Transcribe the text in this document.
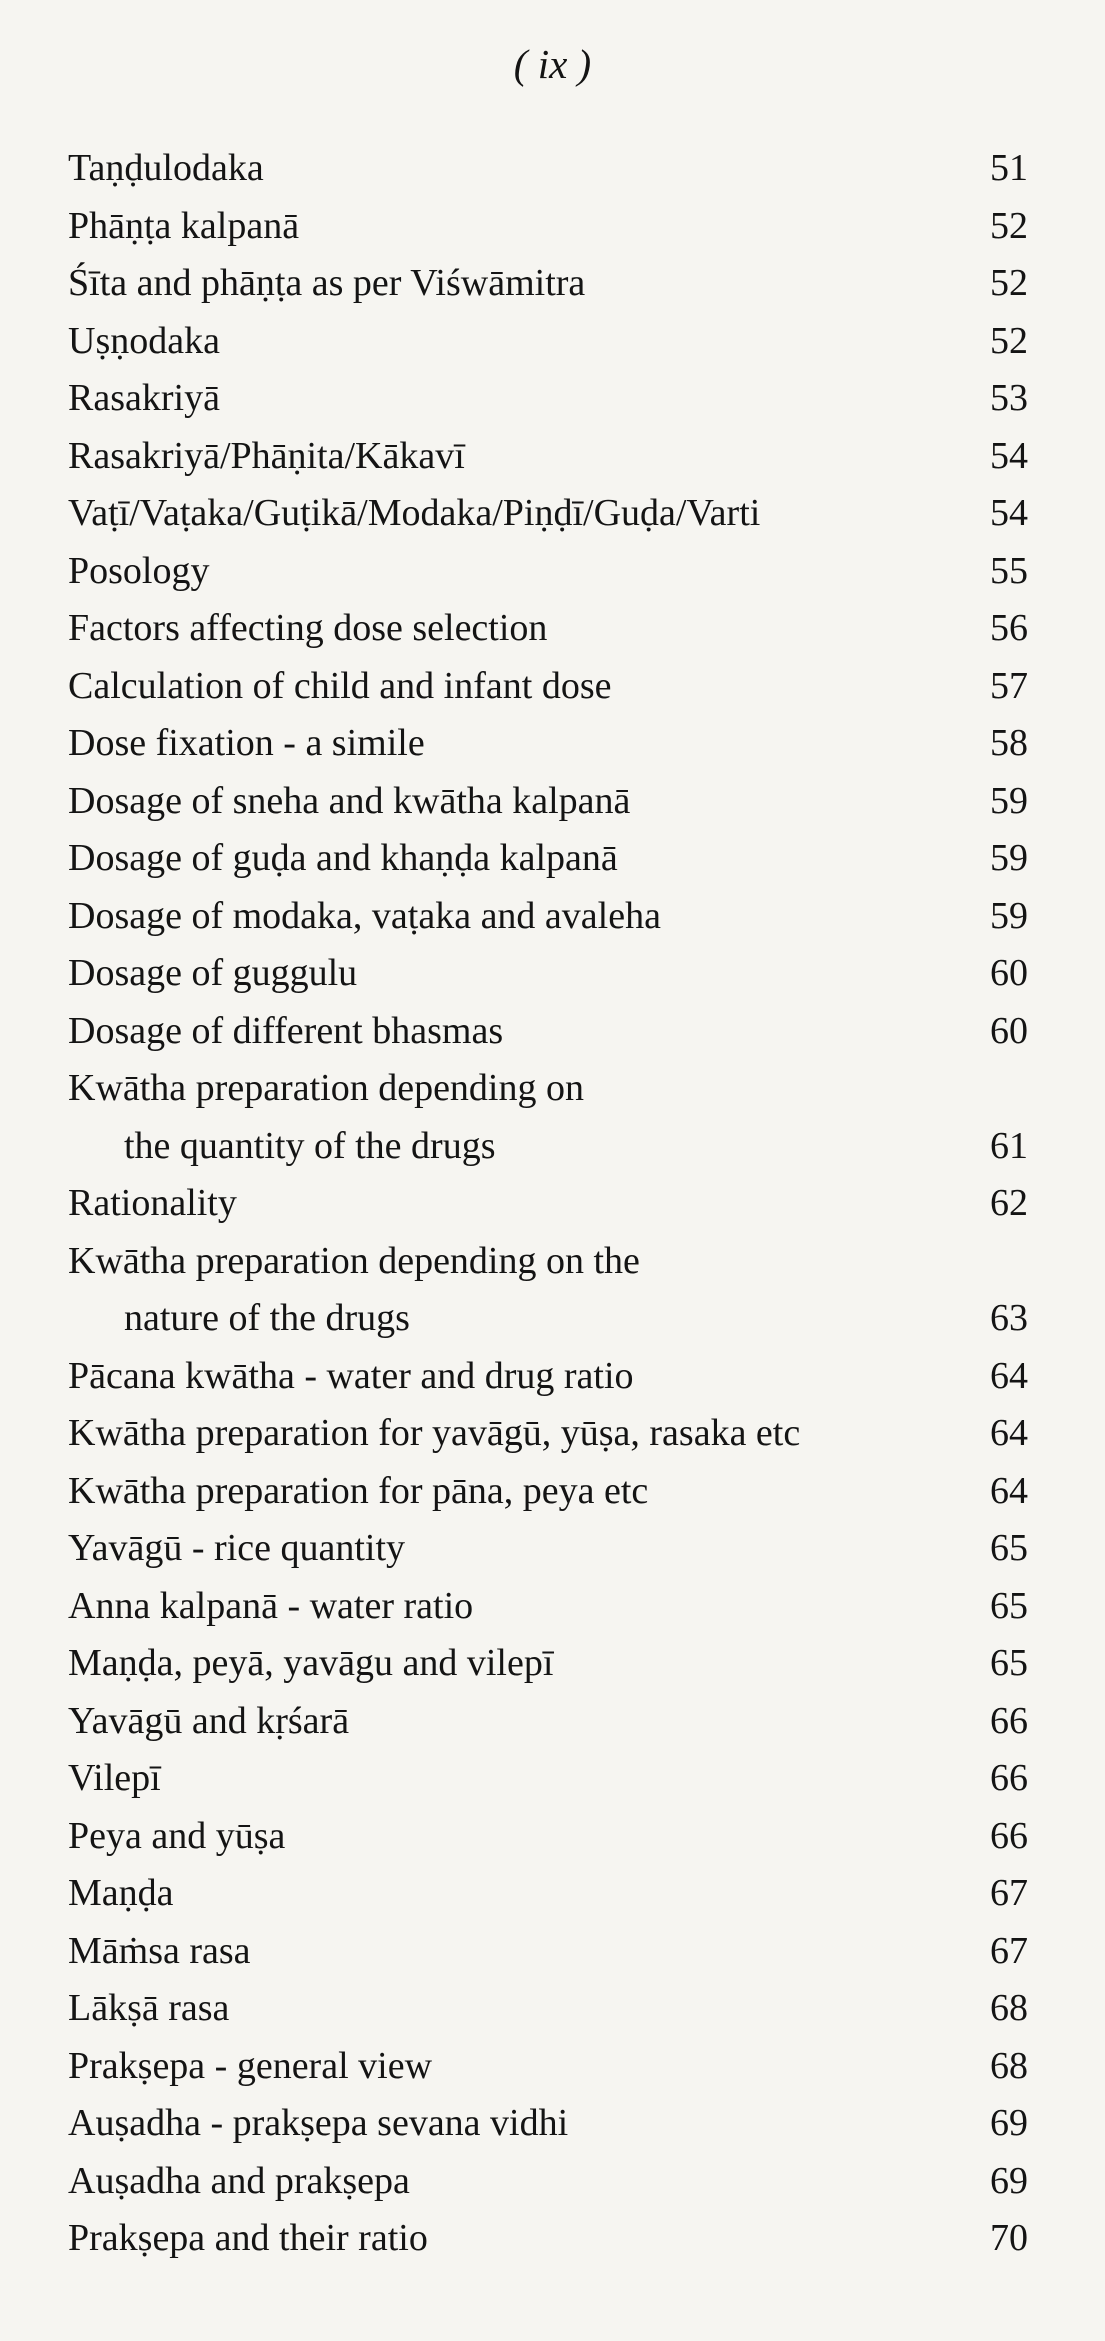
( ix )
Taṇḍulodaka	51
Phāṇṭa kalpanā	52
Śīta and phāṇṭa as per Viśwāmitra	52
Uṣṇodaka	52
Rasakriyā	53
Rasakriyā/Phāṇita/Kākavī	54
Vaṭī/Vaṭaka/Guṭikā/Modaka/Piṇḍī/Guḍa/Varti	54
Posology	55
Factors affecting dose selection	56
Calculation of child and infant dose	57
Dose fixation - a simile	58
Dosage of sneha and kwātha kalpanā	59
Dosage of guḍa and khaṇḍa kalpanā	59
Dosage of modaka, vaṭaka and avaleha	59
Dosage of guggulu	60
Dosage of different bhasmas	60
Kwātha preparation depending on
the quantity of the drugs	61
Rationality	62
Kwātha preparation depending on the
nature of the drugs	63
Pācana kwātha - water and drug ratio	64
Kwātha preparation for yavāgū, yūṣa, rasaka etc	64
Kwātha preparation for pāna, peya etc	64
Yavāgū - rice quantity	65
Anna kalpanā - water ratio	65
Maṇḍa, peyā, yavāgu and vilepī	65
Yavāgū and kṛśarā	66
Vilepī	66
Peya and yūṣa	66
Maṇḍa	67
Māṁsa rasa	67
Lākṣā rasa	68
Prakṣepa - general view	68
Auṣadha - prakṣepa sevana vidhi	69
Auṣadha and prakṣepa	69
Prakṣepa and their ratio	70
